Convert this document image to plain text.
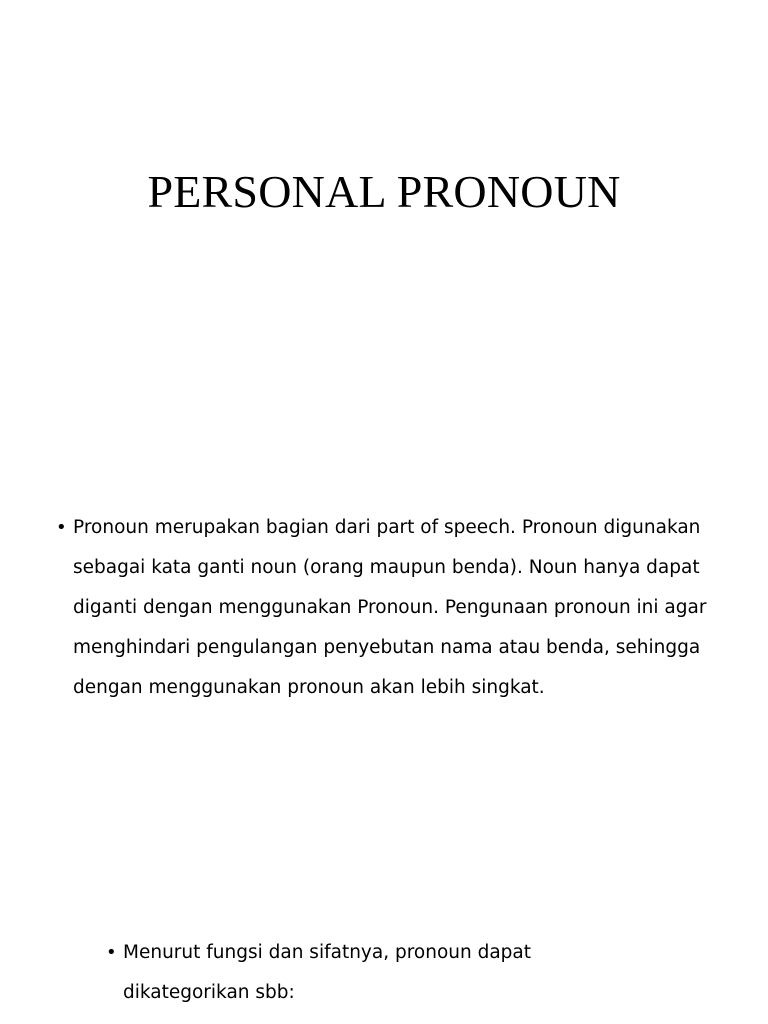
PERSONAL PRONOUN
• Pronoun merupakan bagian dari part of speech. Pronoun digunakan
sebagai kata ganti noun (orang maupun benda). Noun hanya dapat
diganti dengan menggunakan Pronoun. Pengunaan pronoun ini agar
menghindari pengulangan penyebutan nama atau benda, sehingga
dengan menggunakan pronoun akan lebih singkat.
• Menurut fungsi dan sifatnya, pronoun dapat
dikategorikan sbb:
